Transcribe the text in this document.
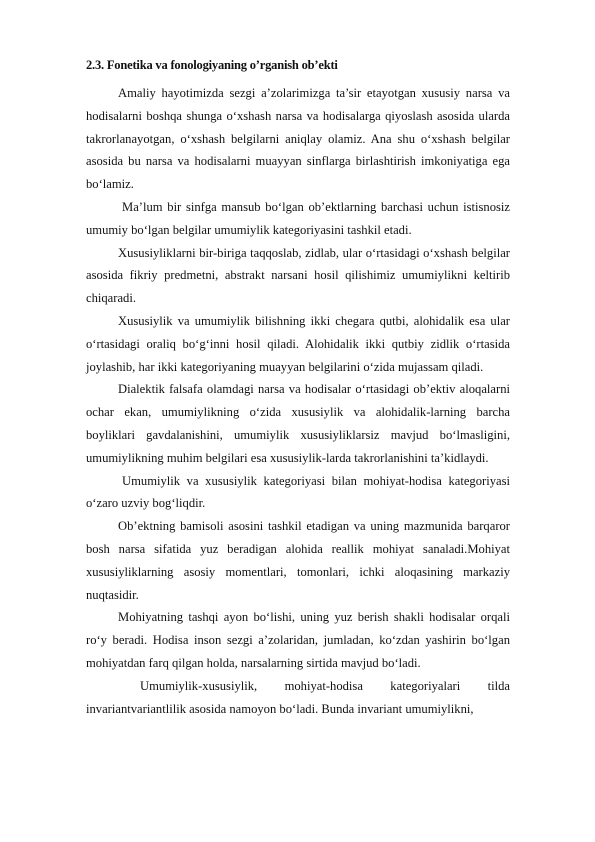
2.3. Fonetika va fonologiyaning o’rganish ob’ekti

Amaliy hayotimizda sezgi a’zolarimizga ta’sir etayotgan xususiy narsa va hodisalarni boshqa shunga o‘xshash narsa va hodisalarga qiyoslash asosida ularda takrorlanayotgan, o‘xshash belgilarni aniqlay olamiz. Ana shu o‘xshash belgilar asosida bu narsa va hodisalarni muayyan sinflarga birlashtirish imkoniyatiga ega bo‘lamiz.

Ma’lum bir sinfga mansub bo‘lgan ob’ektlarning barchasi uchun istisnosiz umumiy bo‘lgan belgilar umumiylik kategoriyasini tashkil etadi.

Xususiyliklarni bir-biriga taqqoslab, zidlab, ular o‘rtasidagi o‘xshash belgilar asosida fikriy predmetni, abstrakt narsani hosil qilishimiz umumiylikni keltirib chiqaradi.

Xususiylik va umumiylik bilishning ikki chegara qutbi, alohidalik esa ular o‘rtasidagi oraliq bo‘g‘inni hosil qiladi. Alohidalik ikki qutbiy zidlik o‘rtasida joylashib, har ikki kategoriyaning muayyan belgilarini o‘zida mujassam qiladi.

Dialektik falsafa olamdagi narsa va hodisalar o‘rtasidagi ob’ektiv aloqalarni ochar ekan, umumiylikning o‘zida xususiylik va alohidalik-larning barcha boyliklari gavdalanishini, umumiylik xususiyliklarsiz mavjud bo‘lmasligini, umumiylikning muhim belgilari esa xususiylik-larda takrorlanishini ta’kidlaydi.

Umumiylik va xususiylik kategoriyasi bilan mohiyat-hodisa kategoriyasi o‘zaro uzviy bog‘liqdir.

Ob’ektning bamisoli asosini tashkil etadigan va uning mazmunida barqaror bosh narsa sifatida yuz beradigan alohida reallik mohiyat sanaladi.Mohiyat xususiyliklarning asosiy momentlari, tomonlari, ichki aloqasining markaziy nuqtasidir.

Mohiyatning tashqi ayon bo‘lishi, uning yuz berish shakli hodisalar orqali ro‘y beradi. Hodisa inson sezgi a’zolaridan, jumladan, ko‘zdan yashirin bo‘lgan mohiyatdan farq qilgan holda, narsalarning sirtida mavjud bo‘ladi.

Umumiylik-xususiylik, mohiyat-hodisa kategoriyalari tilda invariantvariantlilik asosida namoyon bo‘ladi. Bunda invariant umumiylikni,
